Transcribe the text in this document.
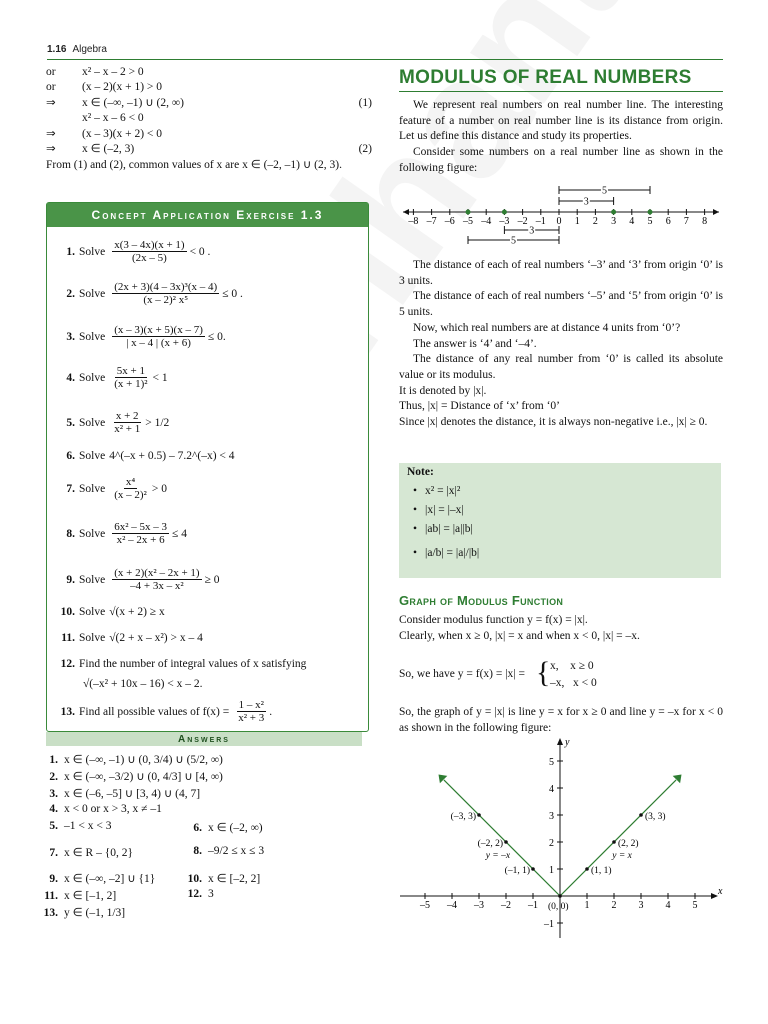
1.16 Algebra
or	x² – x – 2 > 0
or	(x – 2)(x + 1) > 0
⇒	x ∈ (–∞, –1) ∪ (2, ∞)	(1)
x² – x – 6 < 0
⇒	(x – 3)(x + 2) < 0
⇒	x ∈ (–2, 3)	(2)
From (1) and (2), common values of x are x ∈ (–2, –1) ∪ (2, 3).
Concept Application Exercise 1.3
1. Solve $\frac{x(3 - 4x)(x + 1)}{(2x - 5)} < 0$ .
2. Solve $\frac{\text{(2x + 3)(4 – 3x)³(x – 4)}}{\text{(x – 2)² x⁵}} \le 0$ .
3. Solve $\frac{(x - 3)(x + 5)(x - 7)}{| x - 4 | (x + 6)} \le 0$.
4. Solve $\frac{5x + 1}{\text{(x + 1)²}} < 1$
5. Solve $\frac{x + 2}{\text{x² + 1}} > 1/2$
6. Solve 4^(–x + 0.5) – 7.2^(–x) < 4
7. Solve $\frac{\text{x⁴}}{\text{(x – 2)²}} > 0$
8. Solve $\frac{\text{6x² – 5x – 3}}{\text{x² – 2x + 6}} \le 4$
9. Solve $\frac{\text{(x + 2)(x² – 2x + 1)}}{\text{–4 + 3x – x²}} \ge 0$
10. Solve √(x + 2) ≥ x
11. Solve √(2 + x – x²) > x – 4
12. Find the number of integral values of x satisfying
√(–x² + 10x – 16) < x – 2.
13. Find all possible values of $f(x) = \frac{\text{1 – x²}}{\text{x² + 3}}$ .
Answers
1. x ∈ (–∞, –1) ∪ (0, 3/4) ∪ (5/2, ∞)
2. x ∈ (–∞, –3/2) ∪ (0, 4/3] ∪ [4, ∞)
3. x ∈ (–6, –5] ∪ [3, 4) ∪ (4, 7]
4. x < 0 or x > 3, x ≠ –1
5. –1 < x < 3	6. x ∈ (–2, ∞)
7. x ∈ R – {0, 2}	8. –9/2 ≤ x ≤ 3
9. x ∈ (–∞, –2] ∪ {1}	10. x ∈ [–2, 2]
11. x ∈ [–1, 2]	12. 3
13. y ∈ (–1, 1/3]
MODULUS OF REAL NUMBERS

We represent real numbers on real number line. The interesting feature of a number on real number line is its distance from origin. Let us define this distance and study its properties.

Consider some numbers on a real number line as shown in the following figure:

–8 –7 –6 –5 –4 –3 –2 –1 0 1 2 3 4 5 6 7 8
5
3
3
5

The distance of each of real numbers ‘–3’ and ‘3’ from origin ‘0’ is 3 units.

The distance of each of real numbers ‘–5’ and ‘5’ from origin ‘0’ is 5 units.

Now, which real numbers are at distance 4 units from ‘0’?

The answer is ‘4’ and ‘–4’.

The distance of any real number from ‘0’ is called its absolute value or its modulus.

It is denoted by |x|.

Thus, |x| = Distance of ‘x’ from ‘0’

Since |x| denotes the distance, it is always non-negative i.e., |x| ≥ 0.

Note:
• x² = |x|²
• |x| = |–x|
• |ab| = |a||b|
• |a/b| = |a|/|b|
Graph of Modulus Function

Consider modulus function y = f(x) = |x|.

Clearly, when x ≥ 0, |x| = x and when x < 0, |x| = –x.

So, we have y = f(x) = |x| = { x,    x ≥ 0
–x,   x < 0

So, the graph of y = |x| is line y = x for x ≥ 0 and line y = –x for x < 0 as shown in the following figure:

x
y
–5 –4 –3 –2 –1	1 2 3 4 5
–1
1
2
3
4
5
(–3, 3)
(–2, 2)
(–1, 1)
(0, 0)
(1, 1)
(2, 2)
(3, 3)
y = –x	y = x
